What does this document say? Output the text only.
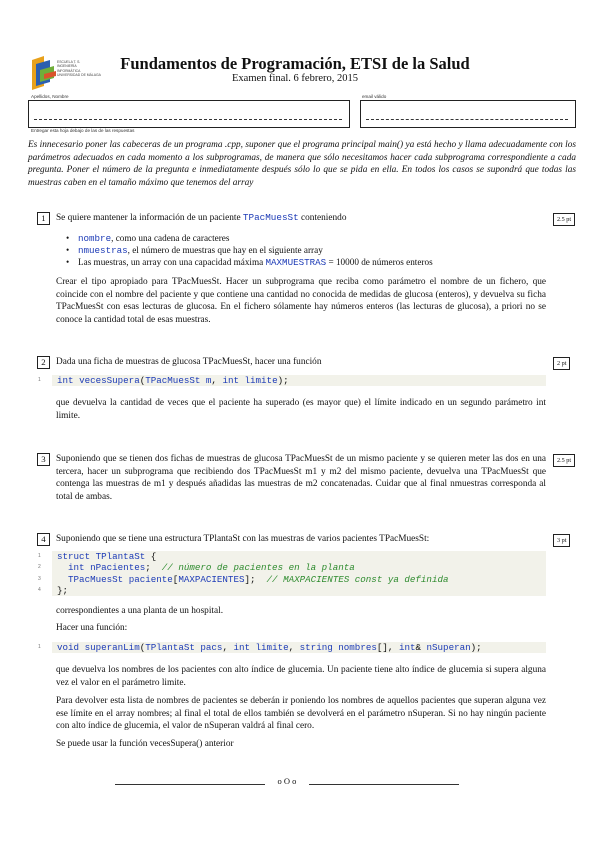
ESCUELA T. S.
INGENIERÍA
INFORMÁTICA
UNIVERSIDAD DE MÁLAGA
Fundamentos de Programación, ETSI de la Salud
Examen final. 6 febrero, 2015
Apellidos, Nombre
Entregar esta hoja debajo de las de las respuestas
email válido
Es innecesario poner las cabeceras de un programa .cpp, suponer que el programa principal main() ya está hecho y llama adecuadamente con los parámetros adecuados en cada momento a los subprogramas, de manera que sólo necesitamos hacer cada subprograma correspondiente a cada pregunta. Poner el número de la pregunta e inmediatamente después sólo lo que se pida en ella. En todos los casos se supondrá que todas las muestras caben en el tamaño máximo que tenemos del array
1	2.5 pt
Se quiere mantener la información de un paciente TPacMuesSt conteniendo
• nombre, como una cadena de caracteres
• nmuestras, el número de muestras que hay en el siguiente array
• Las muestras, un array con una capacidad máxima MAXMUESTRAS = 10000 de números enteros
Crear el tipo apropiado para TPacMuesSt. Hacer un subprograma que reciba como parámetro el nombre de un fichero, que coincide con el nombre del paciente y que contiene una cantidad no conocida de medidas de glucosa (enteros), y devuelva su ficha TPacMuesSt con esas lecturas de glucosa. En el fichero sólamente hay números enteros (las lecturas de glucosa), a priori no se conoce la cantidad total de esas muestras.
2	2 pt
Dada una ficha de muestras de glucosa TPacMuesSt, hacer una función
1 int vecesSupera(TPacMuesSt m, int limite);
que devuelva la cantidad de veces que el paciente ha superado (es mayor que) el límite indicado en un segundo parámetro int limite.
3	2.5 pt
Suponiendo que se tienen dos fichas de muestras de glucosa TPacMuesSt de un mismo paciente y se quieren meter las dos en una tercera, hacer un subprograma que recibiendo dos TPacMuesSt m1 y m2 del mismo paciente, devuelva una TPacMuesSt que contenga las muestras de m1 y después añadidas las muestras de m2 concatenadas. Cuidar que al final nmuestras corresponda al total de ambas.
4	3 pt
Suponiendo que se tiene una estructura TPlantaSt con las muestras de varios pacientes TPacMuesSt:
1 struct TPlantaSt {
2	int nPacientes;  // número de pacientes en la planta
3	TPacMuesSt paciente[MAXPACIENTES];  // MAXPACIENTES const ya definida
4 };
correspondientes a una planta de un hospital.
Hacer una función:
1 void superanLim(TPlantaSt pacs, int limite, string nombres[], int& nSuperan);
que devuelva los nombres de los pacientes con alto índice de glucemia. Un paciente tiene alto índice de glucemia si supera alguna vez el valor en el parámetro limite.
Para devolver esta lista de nombres de pacientes se deberán ir poniendo los nombres de aquellos pacientes que superan alguna vez ese límite en el array nombres; al final el total de ellos también se devolverá en el parámetro nSuperan. Si no hay ningún paciente con alto índice de glucemia, el valor de nSuperan valdrá al final cero.
Se puede usar la función vecesSupera() anterior
o O o
